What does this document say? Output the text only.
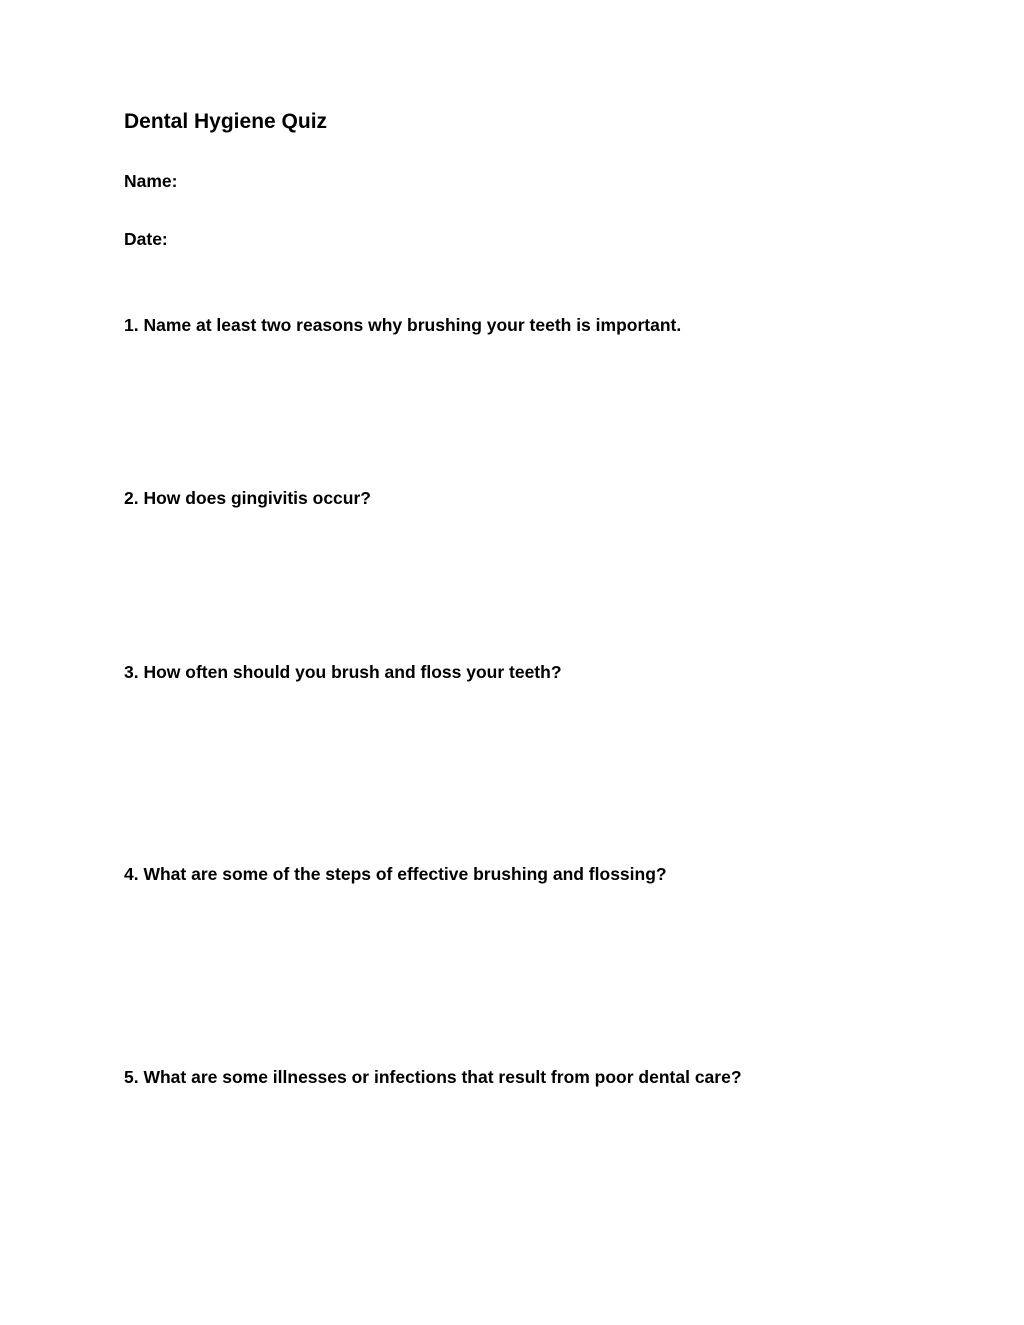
Dental Hygiene Quiz
Name:
Date:
1. Name at least two reasons why brushing your teeth is important.
2. How does gingivitis occur?
3. How often should you brush and floss your teeth?
4. What are some of the steps of effective brushing and flossing?
5. What are some illnesses or infections that result from poor dental care?
